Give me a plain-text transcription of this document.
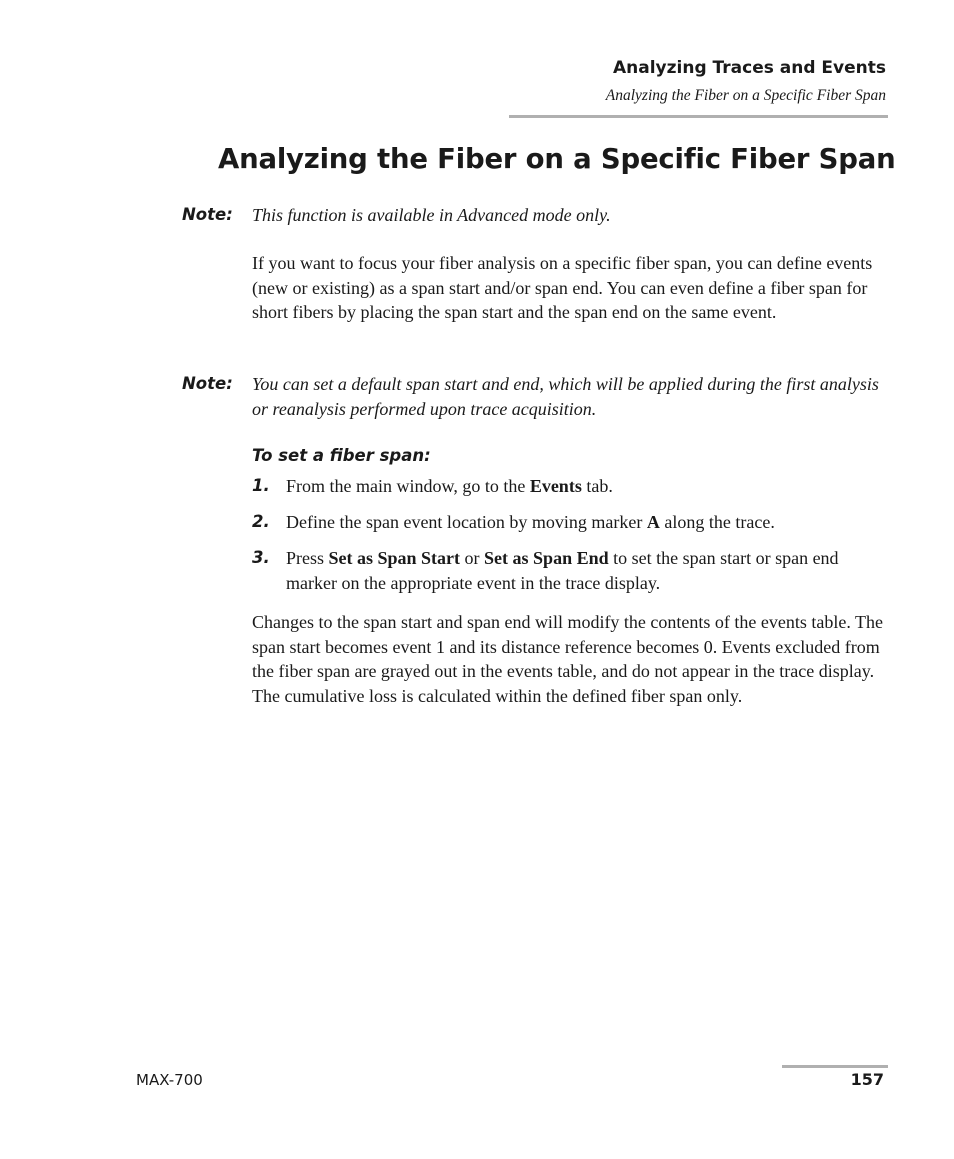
Analyzing Traces and Events
Analyzing the Fiber on a Specific Fiber Span
Analyzing the Fiber on a Specific Fiber Span
Note: This function is available in Advanced mode only.
If you want to focus your fiber analysis on a specific fiber span, you can define events (new or existing) as a span start and/or span end. You can even define a fiber span for short fibers by placing the span start and the span end on the same event.
Note: You can set a default span start and end, which will be applied during the first analysis or reanalysis performed upon trace acquisition.
To set a fiber span:
1. From the main window, go to the Events tab.
2. Define the span event location by moving marker A along the trace.
3. Press Set as Span Start or Set as Span End to set the span start or span end marker on the appropriate event in the trace display.
Changes to the span start and span end will modify the contents of the events table. The span start becomes event 1 and its distance reference becomes 0. Events excluded from the fiber span are grayed out in the events table, and do not appear in the trace display. The cumulative loss is calculated within the defined fiber span only.
MAX-700	157
